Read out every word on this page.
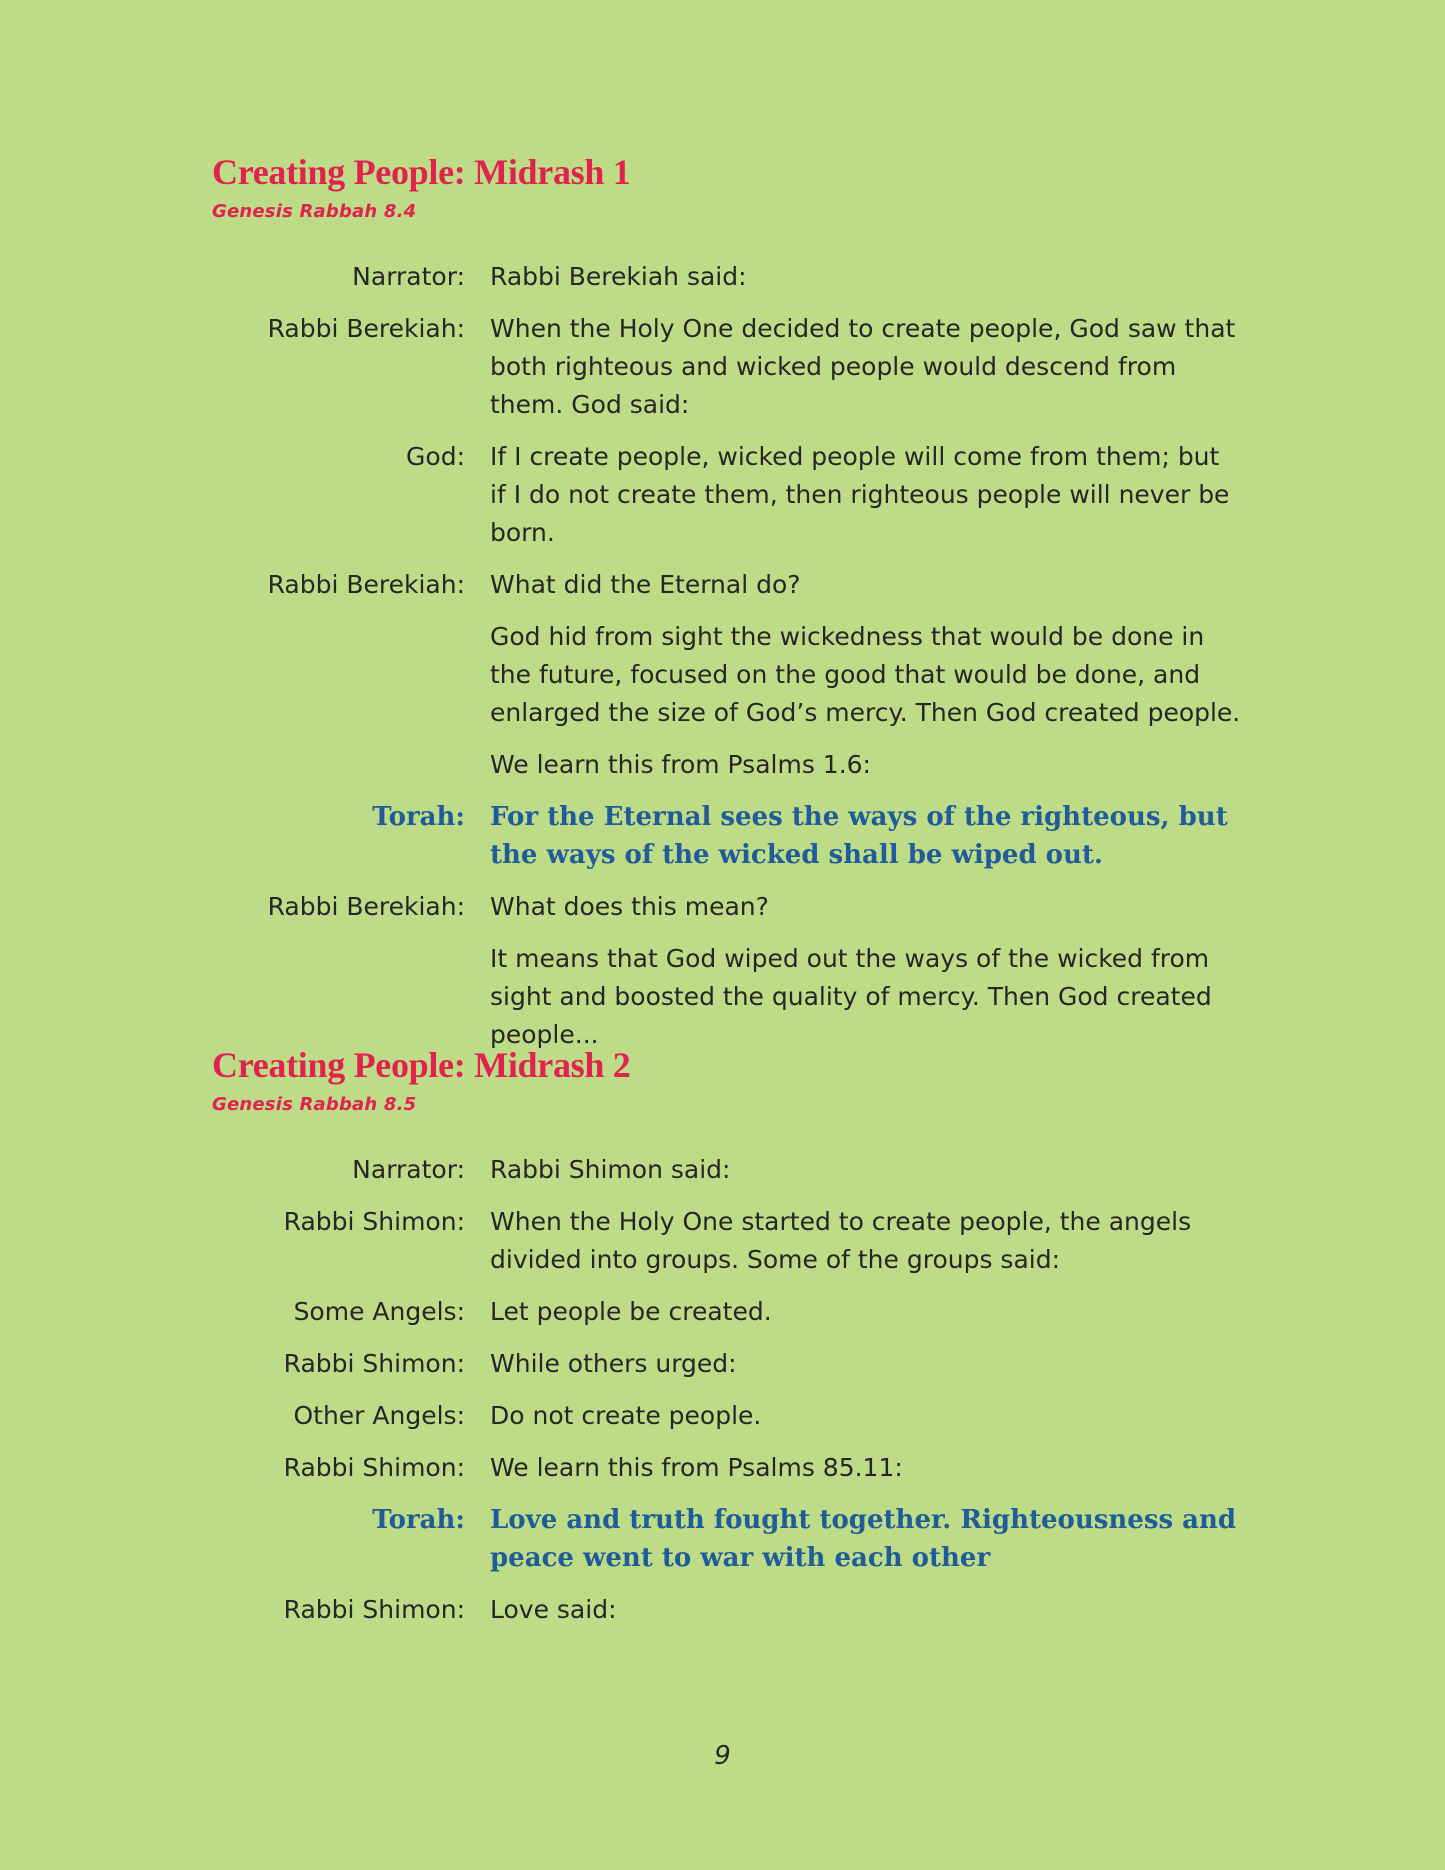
Creating People: Midrash 1
Genesis Rabbah 8.4
Narrator: Rabbi Berekiah said:
Rabbi Berekiah: When the Holy One decided to create people, God saw that both righteous and wicked people would descend from them. God said:
God: If I create people, wicked people will come from them; but if I do not create them, then righteous people will never be born.
Rabbi Berekiah: What did the Eternal do?
God hid from sight the wickedness that would be done in the future, focused on the good that would be done, and enlarged the size of God’s mercy. Then God created people.
We learn this from Psalms 1.6:
Torah: For the Eternal sees the ways of the righteous, but the ways of the wicked shall be wiped out.
Rabbi Berekiah: What does this mean?
It means that God wiped out the ways of the wicked from sight and boosted the quality of mercy. Then God created people...
Creating People: Midrash 2
Genesis Rabbah 8.5
Narrator: Rabbi Shimon said:
Rabbi Shimon: When the Holy One started to create people, the angels divided into groups. Some of the groups said:
Some Angels: Let people be created.
Rabbi Shimon: While others urged:
Other Angels: Do not create people.
Rabbi Shimon: We learn this from Psalms 85.11:
Torah: Love and truth fought together. Righteousness and peace went to war with each other
Rabbi Shimon: Love said:
9
